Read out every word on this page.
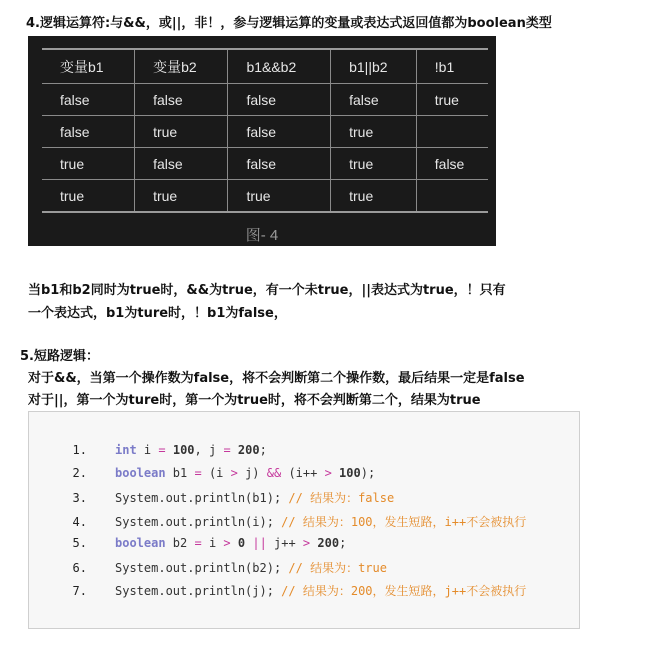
4.逻辑运算符:与&&，或||，非！，参与逻辑运算的变量或表达式返回值都为boolean类型
变量b1	变量b2	b1&&b2	b1||b2	!b1
false	false	false	false	true
false	true	false	true	
true	false	false	true	false
true	true	true	true	
图- 4
当b1和b2同时为true时，&&为true，有一个未true，||表达式为true，！只有
一个表达式，b1为ture时，！b1为false，
5.短路逻辑：
对于&&，当第一个操作数为false，将不会判断第二个操作数，最后结果一定是false
对于||，第一个为ture时，第一个为true时，将不会判断第二个，结果为true
1. int i = 100, j = 200;
2. boolean b1 = (i > j) && (i++ > 100);
3. System.out.println(b1); // 结果为：false
4. System.out.println(i); // 结果为：100，发生短路，i++不会被执行
5. boolean b2 = i > 0 || j++ > 200;
6. System.out.println(b2); // 结果为：true
7. System.out.println(j); // 结果为：200，发生短路，j++不会被执行
